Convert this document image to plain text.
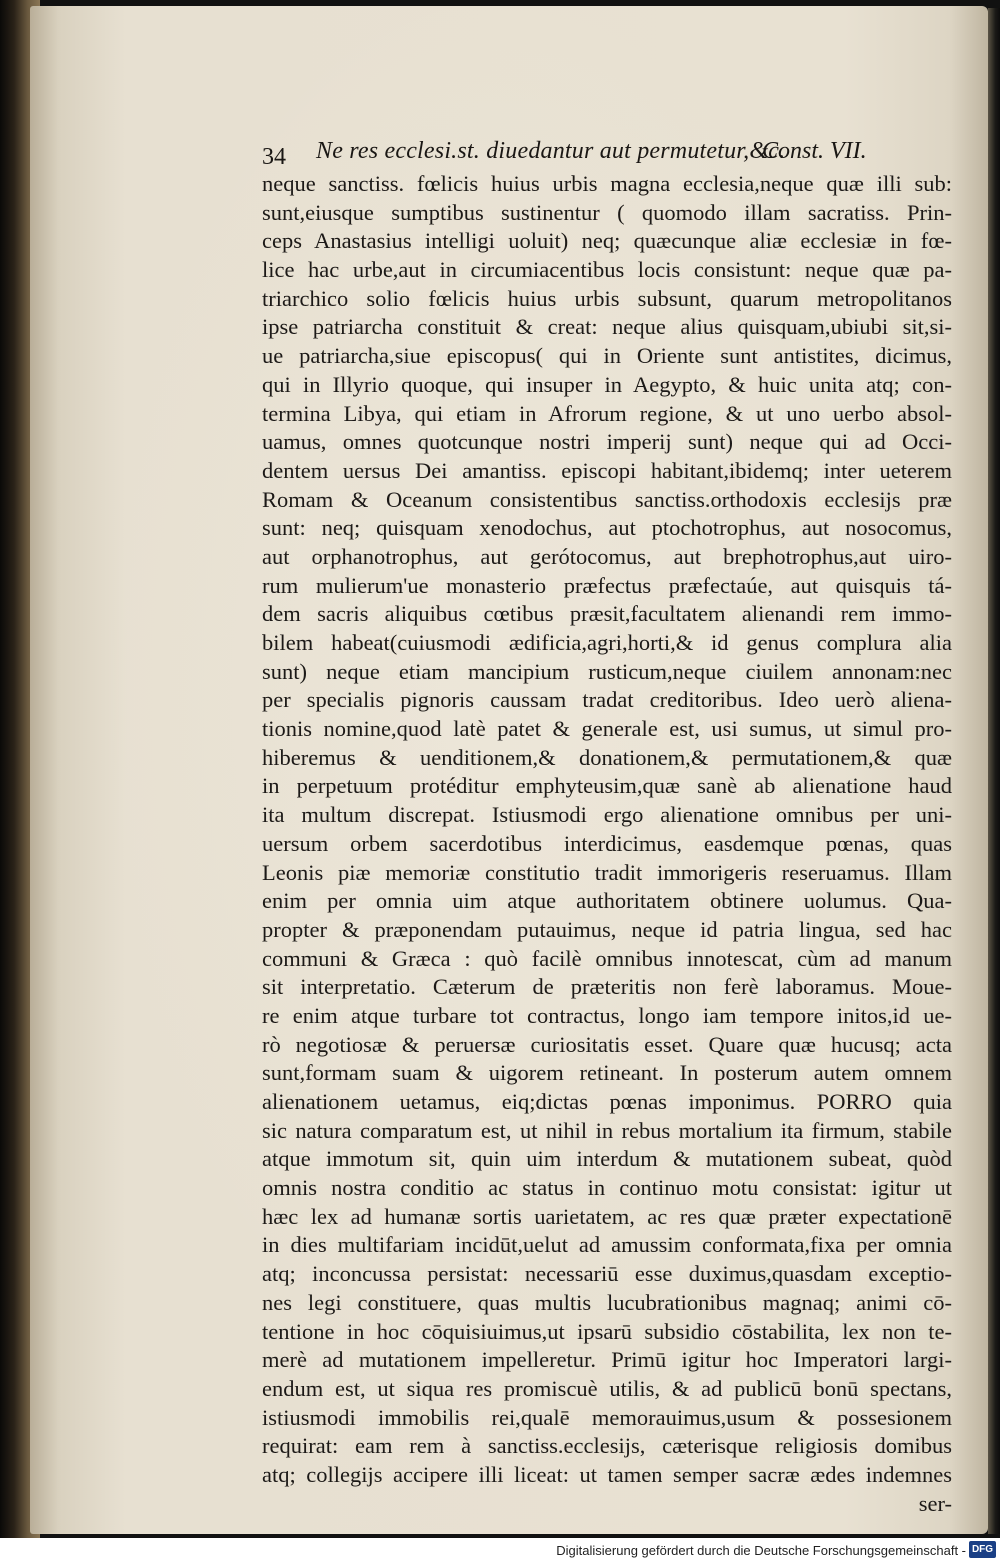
34 Ne res ecclesi.st. diuedantur aut permutetur,&c.
Const. VII.
neque sanctiss. fœlicis huius urbis magna ecclesia,neque quæ illi sub:
sunt,eiusque sumptibus sustinentur ( quomodo illam sacratiss. Prin-
ceps Anastasius intelligi uoluit) neq; quæcunque aliæ ecclesiæ in fœ-
lice hac urbe,aut in circumiacentibus locis consistunt: neque quæ pa-
triarchico solio fœlicis huius urbis subsunt, quarum metropolitanos
ipse patriarcha constituit & creat: neque alius quisquam,ubiubi sit,si-
ue patriarcha,siue episcopus( qui in Oriente sunt antistites, dicimus,
qui in Illyrio quoque, qui insuper in Aegypto, & huic unita atq; con-
termina Libya, qui etiam in Afrorum regione, & ut uno uerbo absol-
uamus, omnes quotcunque nostri imperij sunt) neque qui ad Occi-
dentem uersus Dei amantiss. episcopi habitant,ibidemq; inter ueterem
Romam & Oceanum consistentibus sanctiss.orthodoxis ecclesijs præ
sunt: neq; quisquam xenodochus, aut ptochotrophus, aut nosocomus,
aut orphanotrophus, aut gerótocomus, aut brephotrophus,aut uiro-
rum mulierum'ue monasterio præfectus præfectaúe, aut quisquis tá-
dem sacris aliquibus cœtibus præsit,facultatem alienandi rem immo-
bilem habeat(cuiusmodi ædificia,agri,horti,& id genus complura alia
sunt) neque etiam mancipium rusticum,neque ciuilem annonam:nec
per specialis pignoris caussam tradat creditoribus. Ideo uerò aliena-
tionis nomine,quod latè patet & generale est, usi sumus, ut simul pro-
hiberemus & uenditionem,& donationem,& permutationem,& quæ
in perpetuum protéditur emphyteusim,quæ sanè ab alienatione haud
ita multum discrepat. Istiusmodi ergo alienatione omnibus per uni-
uersum orbem sacerdotibus interdicimus, easdemque pœnas, quas
Leonis piæ memoriæ constitutio tradit immorigeris reseruamus. Illam
enim per omnia uim atque authoritatem obtinere uolumus. Qua-
propter & præponendam putauimus, neque id patria lingua, sed hac
communi & Græca : quò facilè omnibus innotescat, cùm ad manum
sit interpretatio. Cæterum de præteritis non ferè laboramus. Moue-
re enim atque turbare tot contractus, longo iam tempore initos,id ue-
rò negotiosæ & peruersæ curiositatis esset. Quare quæ hucusq; acta
sunt,formam suam & uigorem retineant. In posterum autem omnem
alienationem uetamus, eiq;dictas pœnas imponimus. PORRO quia
sic natura comparatum est, ut nihil in rebus mortalium ita firmum, stabile
atque immotum sit, quin uim interdum & mutationem subeat, quòd
omnis nostra conditio ac status in continuo motu consistat: igitur ut
hæc lex ad humanæ sortis uarietatem, ac res quæ præter expectationē
in dies multifariam incidūt,uelut ad amussim conformata,fixa per omnia
atq; inconcussa persistat: necessariū esse duximus,quasdam exceptio-
nes legi constituere, quas multis lucubrationibus magnaq; animi cō-
tentione in hoc cōquisiuimus,ut ipsarū subsidio cōstabilita, lex non te-
merè ad mutationem impelleretur. Primū igitur hoc Imperatori largi-
endum est, ut siqua res promiscuè utilis, & ad publicū bonū spectans,
istiusmodi immobilis rei,qualē memorauimus,usum & possesionem
requirat: eam rem à sanctiss.ecclesijs, cæterisque religiosis domibus
atq; collegijs accipere illi liceat: ut tamen semper sacræ ædes indemnes
ser-
Digitalisierung gefördert durch die Deutsche Forschungsgemeinschaft - DFG
